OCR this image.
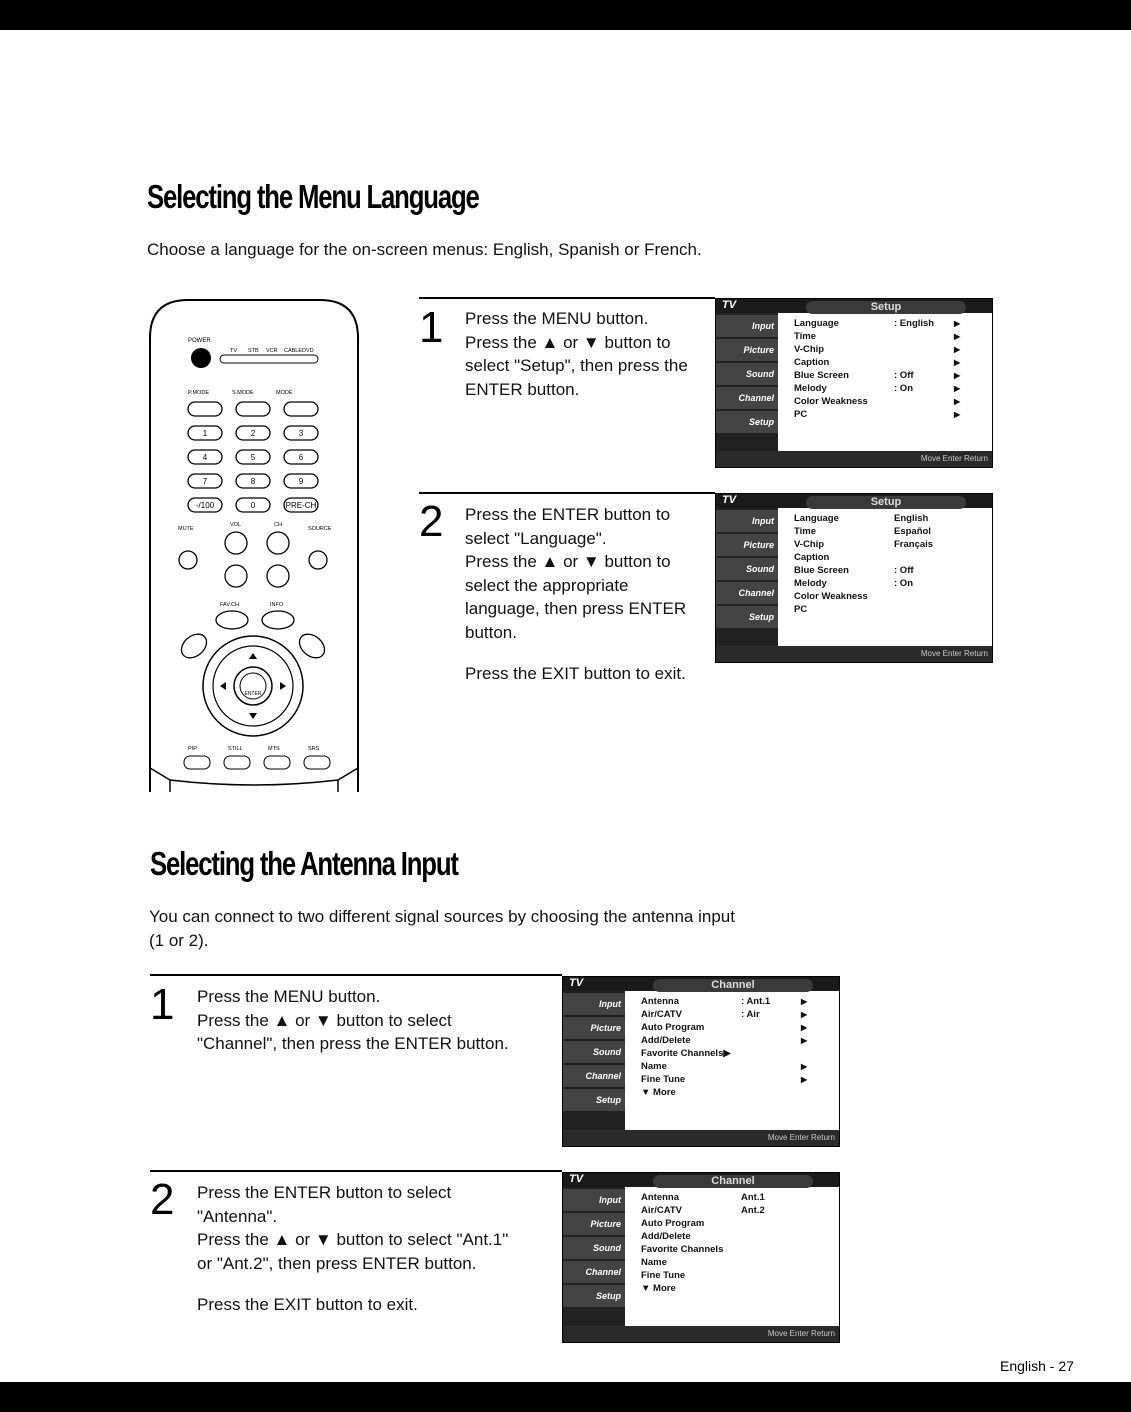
Selecting the Menu Language
Choose a language for the on-screen menus: English, Spanish or French.
POWER
TV STB VCR CABLE DVD
P.MODE	S.MODE	MODE
1	2	3
4	5	6
7	8	9
-/100	0	PRE-CH
MUTE
VOL	CH
SOURCE
FAV.CH	INFO
ENTER
PIP	STILL	MTS	SRS
1 Press the MENU button.
Press the ▲ or ▼ button to
select "Setup", then press the
ENTER button.
TV	Setup
Input
Picture
Sound
Channel
Setup
Language	: English	▶
Time	▶
V-Chip	▶
Caption	▶
Blue Screen	: Off	▶
Melody	: On	▶
Color Weakness	▶
PC	▶
Move Enter Return
2 Press the ENTER button to
select "Language".
Press the ▲ or ▼ button to
select the appropriate
language, then press ENTER
button.
Press the EXIT button to exit.
TV	Setup
Input
Picture
Sound
Channel
Setup
Language	English
Time	Español
V-Chip	Français
Caption
Blue Screen	: Off
Melody	: On
Color Weakness
PC
Move Enter Return
Selecting the Antenna Input
You can connect to two different signal sources by choosing the antenna input
(1 or 2).
1 Press the MENU button.
Press the ▲ or ▼ button to select
"Channel", then press the ENTER button.
TV	Channel
Input
Picture
Sound
Channel
Setup
Antenna	: Ant.1	▶
Air/CATV	: Air	▶
Auto Program	▶
Add/Delete	▶
Favorite Channels▶
Name	▶
Fine Tune	▶
▼ More
Move Enter Return
2 Press the ENTER button to select
"Antenna".
Press the ▲ or ▼ button to select "Ant.1"
or "Ant.2", then press ENTER button.
Press the EXIT button to exit.
TV	Channel
Input
Picture
Sound
Channel
Setup
Antenna	Ant.1
Air/CATV	Ant.2
Auto Program
Add/Delete
Favorite Channels
Name
Fine Tune
▼ More
Move Enter Return
English - 27
